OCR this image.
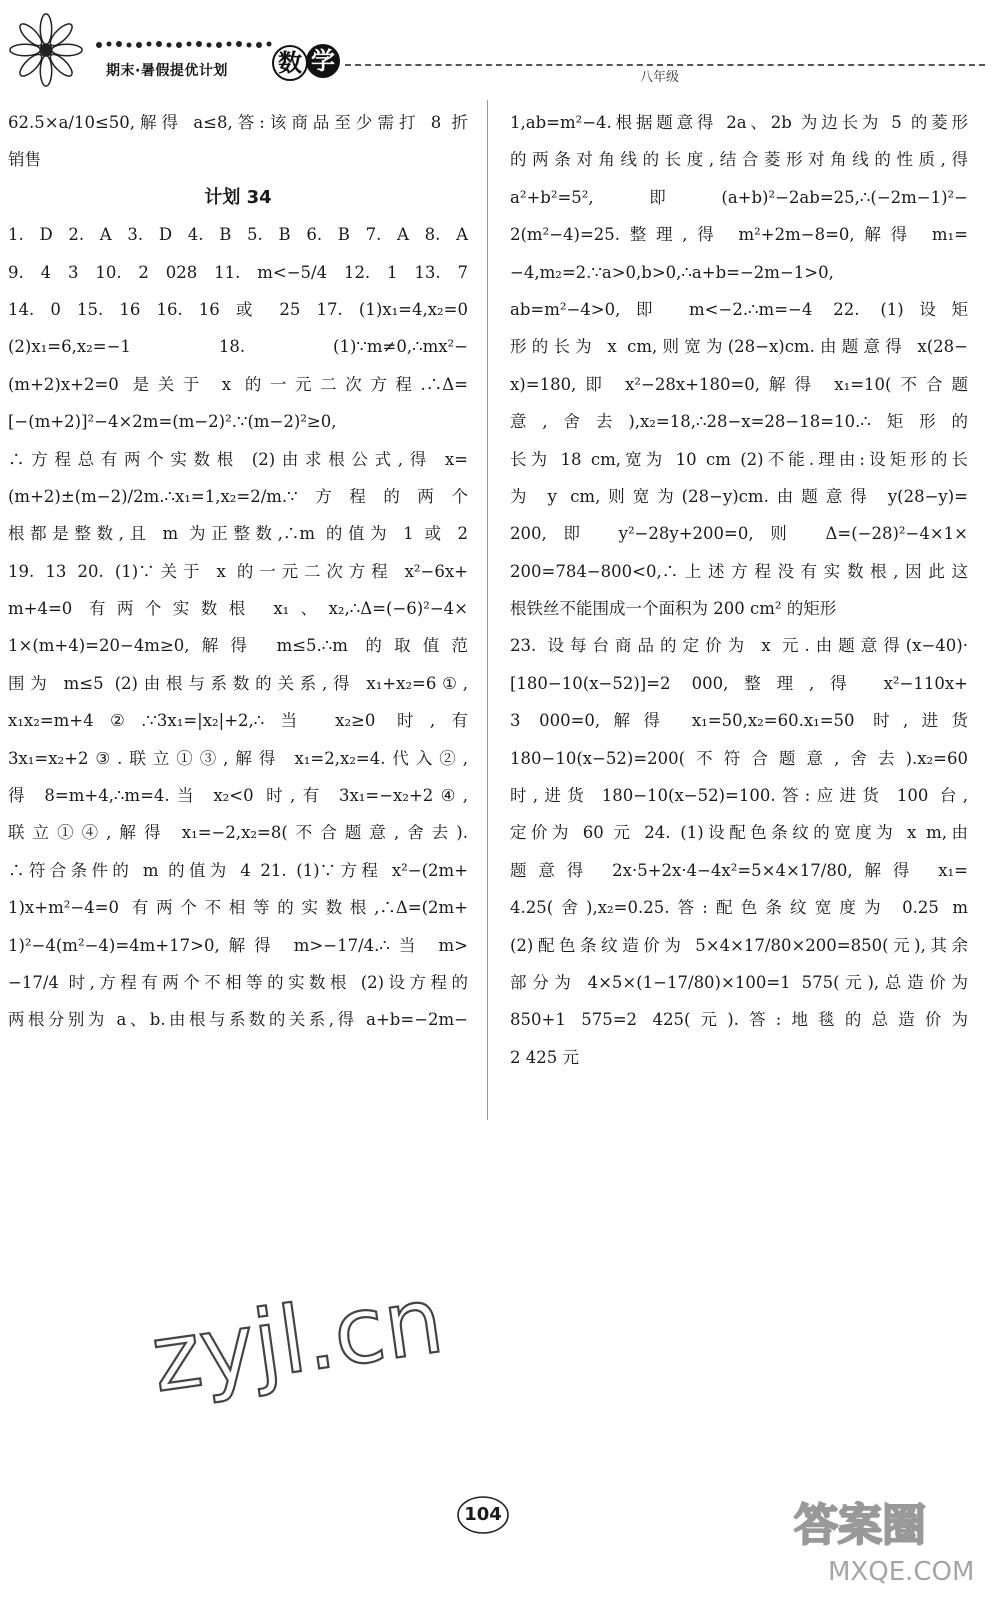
期末·暑假提优计划 数 学
八年级
62.5×a/10≤50,解得 a≤8,答:该商品至少需打 8 折
销售
计划 34
1. D 2. A 3. D 4. B 5. B 6. B 7. A 8. A
9. 4 3 10. 2 028 11. m<−5/4 12. 1 13. 7
14. 0 15. 16 16. 16 或 25 17. (1)x₁=4,x₂=0
(2)x₁=6,x₂=−1 18. (1)∵m≠0,∴mx²−
(m+2)x+2=0 是关于 x 的一元二次方程.∴Δ=
[−(m+2)]²−4×2m=(m−2)².∵(m−2)²≥0,
∴方程总有两个实数根 (2)由求根公式,得 x=
(m+2)±(m−2)/2m.∴x₁=1,x₂=2/m.∵方程的两个
根都是整数,且 m 为正整数,∴m 的值为 1 或 2
19. 13 20. (1)∵关于 x 的一元二次方程 x²−6x+
m+4=0 有两个实数根 x₁、x₂,∴Δ=(−6)²−4×
1×(m+4)=20−4m≥0,解得 m≤5.∴m 的取值范
围为 m≤5 (2)由根与系数的关系,得 x₁+x₂=6①,
x₁x₂=m+4②.∵3x₁=|x₂|+2,∴当 x₂≥0 时,有
3x₁=x₂+2③.联立①③,解得 x₁=2,x₂=4.代入②,
得 8=m+4,∴m=4.当 x₂<0 时,有 3x₁=−x₂+2④,
联立①④,解得 x₁=−2,x₂=8(不合题意,舍去).
∴符合条件的 m 的值为 4 21. (1)∵方程 x²−(2m+
1)x+m²−4=0 有两个不相等的实数根,∴Δ=(2m+
1)²−4(m²−4)=4m+17>0,解得 m>−17/4.∴当 m>
−17/4 时,方程有两个不相等的实数根 (2)设方程的
两根分别为 a、b.由根与系数的关系,得 a+b=−2m−
1,ab=m²−4.根据题意得 2a、2b 为边长为 5 的菱形
的两条对角线的长度,结合菱形对角线的性质,得
a²+b²=5²,即(a+b)²−2ab=25,∴(−2m−1)²−
2(m²−4)=25.整理,得 m²+2m−8=0,解得 m₁=
−4,m₂=2.∵a>0,b>0,∴a+b=−2m−1>0,
ab=m²−4>0,即 m<−2.∴m=−4 22. (1)设矩
形的长为 x cm,则宽为(28−x)cm.由题意得 x(28−
x)=180,即 x²−28x+180=0,解得 x₁=10(不合题
意,舍去),x₂=18,∴28−x=28−18=10.∴矩形的
长为 18 cm,宽为 10 cm (2)不能.理由:设矩形的长
为 y cm,则宽为(28−y)cm.由题意得 y(28−y)=
200,即 y²−28y+200=0,则 Δ=(−28)²−4×1×
200=784−800<0,∴上述方程没有实数根,因此这
根铁丝不能围成一个面积为 200 cm² 的矩形
23. 设每台商品的定价为 x 元.由题意得(x−40)·
[180−10(x−52)]=2 000,整理,得 x²−110x+
3 000=0,解得 x₁=50,x₂=60.x₁=50 时,进货
180−10(x−52)=200(不符合题意,舍去).x₂=60
时,进货 180−10(x−52)=100.答:应进货 100 台,
定价为 60 元 24. (1)设配色条纹的宽度为 x m,由
题意得 2x·5+2x·4−4x²=5×4×17/80,解得 x₁=
4.25(舍),x₂=0.25.答:配色条纹宽度为 0.25 m
(2)配色条纹造价为 5×4×17/80×200=850(元),其余
部分为 4×5×(1−17/80)×100=1 575(元),总造价为
850+1 575=2 425(元).答:地毯的总造价为
2 425 元
zyjl.cn
104	答案圈
MXQE.COM
